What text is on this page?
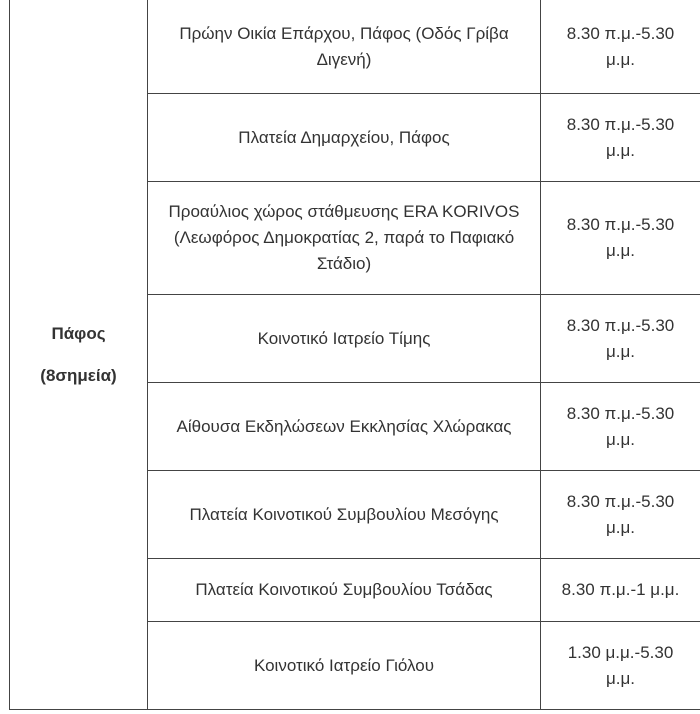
Πάφος
(8σημεία)
Πρώην Οικία Επάρχου, Πάφος (Οδός Γρίβα Διγενή)
8.30 π.μ.-5.30 μ.μ.
Πλατεία Δημαρχείου, Πάφος
8.30 π.μ.-5.30 μ.μ.
Προαύλιος χώρος στάθμευσης ERA KORIVOS (Λεωφόρος Δημοκρατίας 2, παρά το Παφιακό Στάδιο)
8.30 π.μ.-5.30 μ.μ.
Κοινοτικό Ιατρείο Τίμης
8.30 π.μ.-5.30 μ.μ.
Αίθουσα Εκδηλώσεων Εκκλησίας Χλώρακας
8.30 π.μ.-5.30 μ.μ.
Πλατεία Κοινοτικού Συμβουλίου Μεσόγης
8.30 π.μ.-5.30 μ.μ.
Πλατεία Κοινοτικού Συμβουλίου Τσάδας	8.30 π.μ.-1 μ.μ.
Κοινοτικό Ιατρείο Γιόλου
1.30 μ.μ.-5.30 μ.μ.
